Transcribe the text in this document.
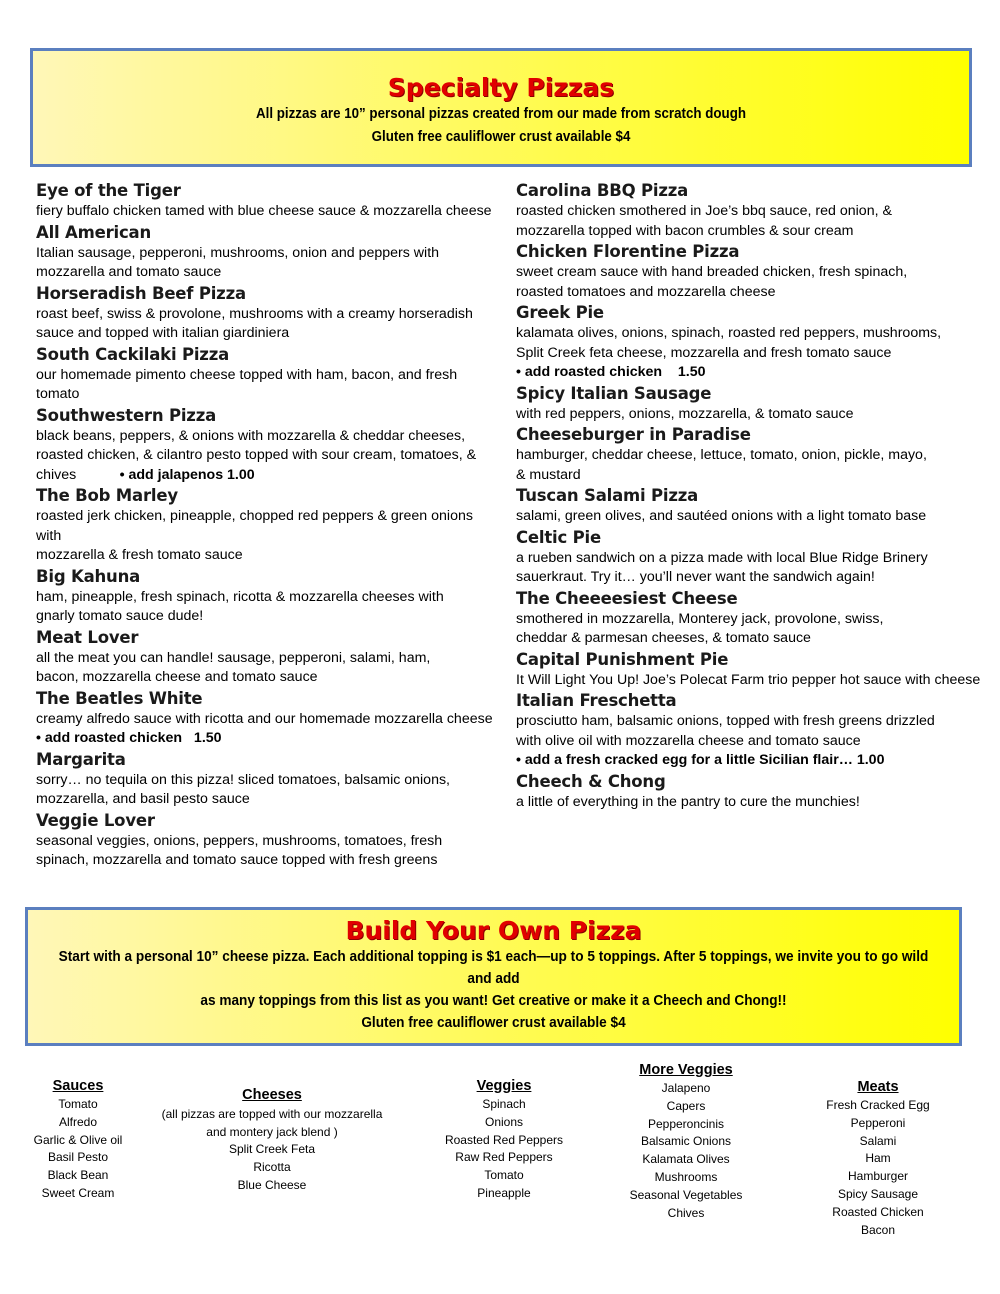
Specialty Pizzas
All pizzas are 10” personal pizzas created from our made from scratch dough
Gluten free cauliflower crust available $4
Eye of the Tiger
fiery buffalo chicken tamed with blue cheese sauce & mozzarella cheese
All American
Italian sausage, pepperoni, mushrooms, onion and peppers with
mozzarella and tomato sauce
Horseradish Beef Pizza
roast beef, swiss & provolone, mushrooms with a creamy horseradish
sauce and topped with italian giardiniera
South Cackilaki Pizza
our homemade pimento cheese topped with ham, bacon, and fresh tomato
Southwestern Pizza
black beans, peppers, & onions with mozzarella & cheddar cheeses,
roasted chicken, & cilantro pesto topped with sour cream, tomatoes, &
chives	• add jalapenos 1.00
The Bob Marley
roasted jerk chicken, pineapple, chopped red peppers & green onions with
mozzarella & fresh tomato sauce
Big Kahuna
ham, pineapple, fresh spinach, ricotta & mozzarella cheeses with
gnarly tomato sauce dude!
Meat Lover
all the meat you can handle! sausage, pepperoni, salami, ham,
bacon, mozzarella cheese and tomato sauce
The Beatles White
creamy alfredo sauce with ricotta and our homemade mozzarella cheese
• add roasted chicken   1.50
Margarita
sorry… no tequila on this pizza! sliced tomatoes, balsamic onions,
mozzarella, and basil pesto sauce
Veggie Lover
seasonal veggies, onions, peppers, mushrooms, tomatoes, fresh
spinach, mozzarella and tomato sauce topped with fresh greens
Carolina BBQ Pizza
roasted chicken smothered in Joe’s bbq sauce, red onion, &
mozzarella topped with bacon crumbles & sour cream
Chicken Florentine Pizza
sweet cream sauce with hand breaded chicken, fresh spinach,
roasted tomatoes and mozzarella cheese
Greek Pie
kalamata olives, onions, spinach, roasted red peppers, mushrooms,
Split Creek feta cheese, mozzarella and fresh tomato sauce
• add roasted chicken    1.50
Spicy Italian Sausage
with red peppers, onions, mozzarella, & tomato sauce
Cheeseburger in Paradise
hamburger, cheddar cheese, lettuce, tomato, onion, pickle, mayo,
& mustard
Tuscan Salami Pizza
salami, green olives, and sautéed onions with a light tomato base
Celtic Pie
a rueben sandwich on a pizza made with local Blue Ridge Brinery
sauerkraut. Try it… you’ll never want the sandwich again!
The Cheeeesiest Cheese
smothered in mozzarella, Monterey jack, provolone, swiss,
cheddar & parmesan cheeses, & tomato sauce
Capital Punishment Pie
It Will Light You Up! Joe’s Polecat Farm trio pepper hot sauce with cheese
Italian Freschetta
prosciutto ham, balsamic onions, topped with fresh greens drizzled
with olive oil with mozzarella cheese and tomato sauce
• add a fresh cracked egg for a little Sicilian flair… 1.00
Cheech & Chong
a little of everything in the pantry to cure the munchies!
Build Your Own Pizza
Start with a personal 10” cheese pizza. Each additional topping is $1 each—up to 5 toppings. After 5 toppings, we invite you to go wild and add
as many toppings from this list as you want! Get creative or make it a Cheech and Chong!!
Gluten free cauliflower crust available $4
Sauces
Tomato
Alfredo
Garlic & Olive oil
Basil Pesto
Black Bean
Sweet Cream
Cheeses
(all pizzas are topped with our mozzarella
and montery jack blend )
Split Creek Feta
Ricotta
Blue Cheese
Veggies
Spinach
Onions
Roasted Red Peppers
Raw Red Peppers
Tomato
Pineapple
More Veggies
Jalapeno
Capers
Pepperoncinis
Balsamic Onions
Kalamata Olives
Mushrooms
Seasonal Vegetables
Chives
Meats
Fresh Cracked Egg
Pepperoni
Salami
Ham
Hamburger
Spicy Sausage
Roasted Chicken
Bacon
